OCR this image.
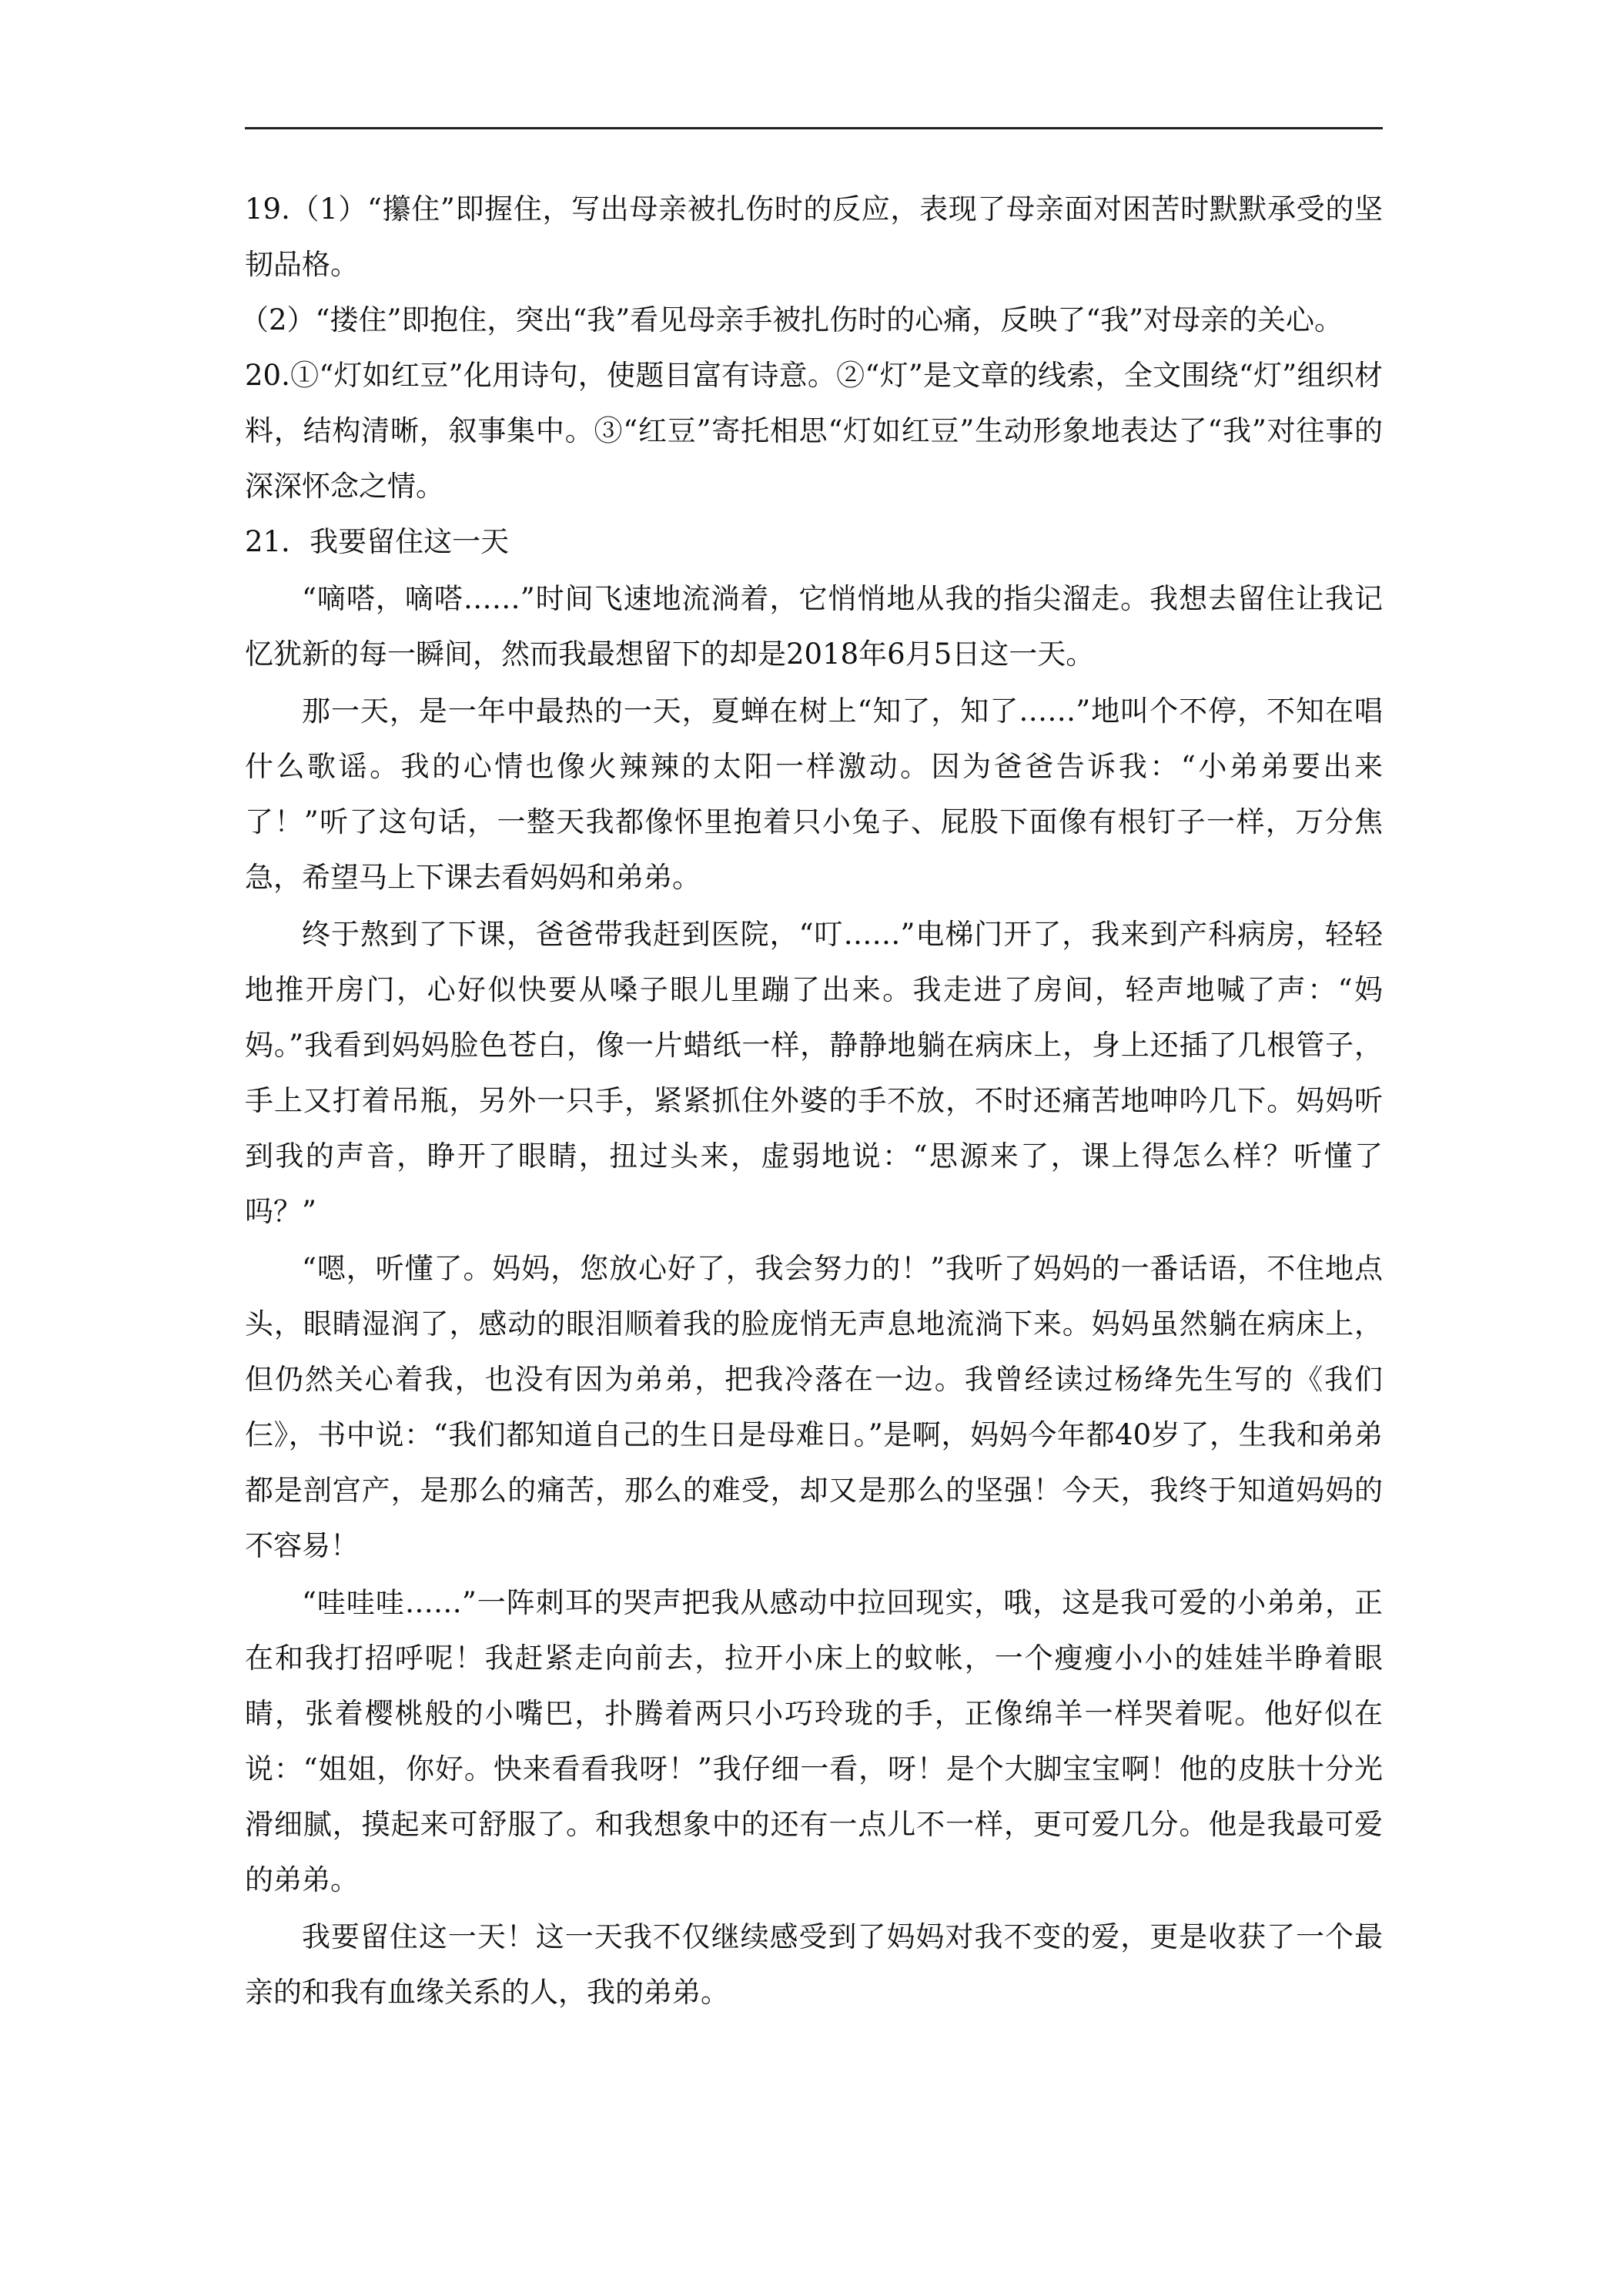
19.（1）“攥住”即握住，写出母亲被扎伤时的反应，表现了母亲面对困苦时默默承受的坚韧品格。

（2）“搂住”即抱住，突出“我”看见母亲手被扎伤时的心痛，反映了“我”对母亲的关心。

20.①“灯如红豆”化用诗句，使题目富有诗意。②“灯”是文章的线索，全文围绕“灯”组织材料，结构清晰，叙事集中。③“红豆”寄托相思“灯如红豆”生动形象地表达了“我”对往事的深深怀念之情。

21．我要留住这一天

“嘀嗒，嘀嗒……”时间飞速地流淌着，它悄悄地从我的指尖溜走。我想去留住让我记忆犹新的每一瞬间，然而我最想留下的却是2018年6月5日这一天。

那一天，是一年中最热的一天，夏蝉在树上“知了，知了……”地叫个不停，不知在唱什么歌谣。我的心情也像火辣辣的太阳一样激动。因为爸爸告诉我：“小弟弟要出来了！”听了这句话，一整天我都像怀里抱着只小兔子、屁股下面像有根钉子一样，万分焦急，希望马上下课去看妈妈和弟弟。

终于熬到了下课，爸爸带我赶到医院，“叮……”电梯门开了，我来到产科病房，轻轻地推开房门，心好似快要从嗓子眼儿里蹦了出来。我走进了房间，轻声地喊了声：“妈妈。”我看到妈妈脸色苍白，像一片蜡纸一样，静静地躺在病床上，身上还插了几根管子，手上又打着吊瓶，另外一只手，紧紧抓住外婆的手不放，不时还痛苦地呻吟几下。妈妈听到我的声音，睁开了眼睛，扭过头来，虚弱地说：“思源来了，课上得怎么样？听懂了吗？”

“嗯，听懂了。妈妈，您放心好了，我会努力的！”我听了妈妈的一番话语，不住地点头，眼睛湿润了，感动的眼泪顺着我的脸庞悄无声息地流淌下来。妈妈虽然躺在病床上，但仍然关心着我，也没有因为弟弟，把我冷落在一边。我曾经读过杨绛先生写的《我们仨》，书中说：“我们都知道自己的生日是母难日。”是啊，妈妈今年都40岁了，生我和弟弟都是剖宫产，是那么的痛苦，那么的难受，却又是那么的坚强！今天，我终于知道妈妈的不容易！

“哇哇哇……”一阵刺耳的哭声把我从感动中拉回现实，哦，这是我可爱的小弟弟，正在和我打招呼呢！我赶紧走向前去，拉开小床上的蚊帐，一个瘦瘦小小的娃娃半睁着眼睛，张着樱桃般的小嘴巴，扑腾着两只小巧玲珑的手，正像绵羊一样哭着呢。他好似在说：“姐姐，你好。快来看看我呀！”我仔细一看，呀！是个大脚宝宝啊！他的皮肤十分光滑细腻，摸起来可舒服了。和我想象中的还有一点儿不一样，更可爱几分。他是我最可爱的弟弟。

我要留住这一天！这一天我不仅继续感受到了妈妈对我不变的爱，更是收获了一个最亲的和我有血缘关系的人，我的弟弟。
